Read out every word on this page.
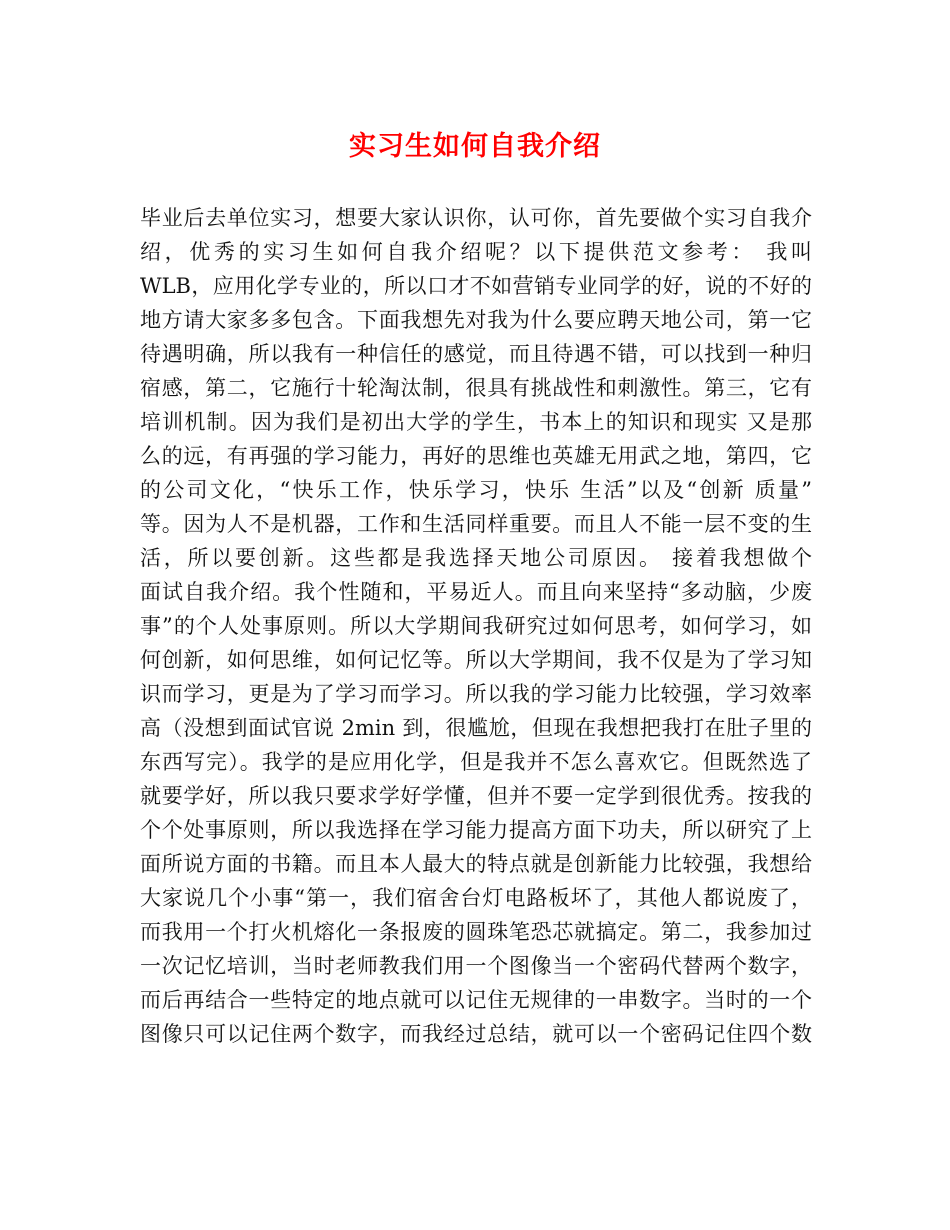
实习生如何自我介绍
毕业后去单位实习，想要大家认识你，认可你，首先要做个实习自我介
绍，优秀的实习生如何自我介绍呢？以下提供范文参考： 我叫
WLB，应用化学专业的，所以口才不如营销专业同学的好，说的不好的
地方请大家多多包含。下面我想先对我为什么要应聘天地公司，第一它
待遇明确，所以我有一种信任的感觉，而且待遇不错，可以找到一种归
宿感，第二，它施行十轮淘汰制，很具有挑战性和刺激性。第三，它有
培训机制。因为我们是初出大学的学生，书本上的知识和现实 又是那
么的远，有再强的学习能力，再好的思维也英雄无用武之地，第四，它
的公司文化，“快乐工作，快乐学习，快乐 生活”以及“创新 质量”
等。因为人不是机器，工作和生活同样重要。而且人不能一层不变的生
活，所以要创新。这些都是我选择天地公司原因。 接着我想做个
面试自我介绍。我个性随和，平易近人。而且向来坚持“多动脑，少废
事”的个人处事原则。所以大学期间我研究过如何思考，如何学习，如
何创新，如何思维，如何记忆等。所以大学期间，我不仅是为了学习知
识而学习，更是为了学习而学习。所以我的学习能力比较强，学习效率
高（没想到面试官说 2min 到，很尴尬，但现在我想把我打在肚子里的
东西写完）。我学的是应用化学，但是我并不怎么喜欢它。但既然选了
就要学好，所以我只要求学好学懂，但并不要一定学到很优秀。按我的
个个处事原则，所以我选择在学习能力提高方面下功夫，所以研究了上
面所说方面的书籍。而且本人最大的特点就是创新能力比较强，我想给
大家说几个小事“第一，我们宿舍台灯电路板坏了，其他人都说废了，
而我用一个打火机熔化一条报废的圆珠笔恐芯就搞定。第二，我参加过
一次记忆培训，当时老师教我们用一个图像当一个密码代替两个数字，
而后再结合一些特定的地点就可以记住无规律的一串数字。当时的一个
图像只可以记住两个数字，而我经过总结，就可以一个密码记住四个数
